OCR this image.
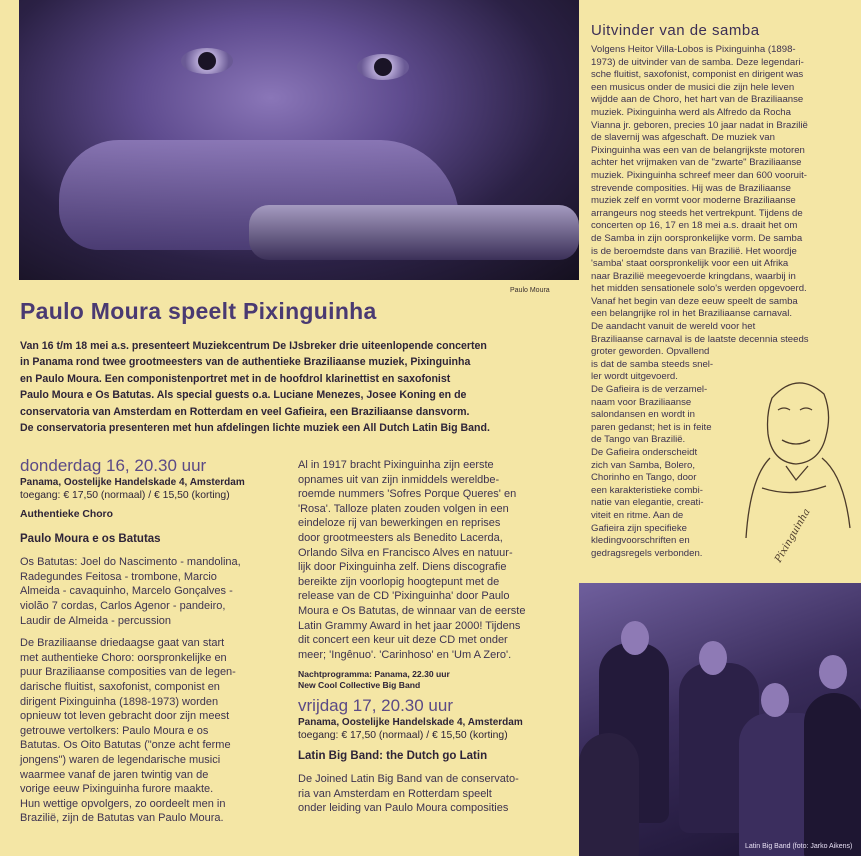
Paulo Moura
Paulo Moura speelt Pixinguinha
Van 16 t/m 18 mei a.s. presenteert Muziekcentrum De IJsbreker drie uiteenlopende concerten
in Panama rond twee grootmeesters van de authentieke Braziliaanse muziek, Pixinguinha
en Paulo Moura. Een componistenportret met in de hoofdrol klarinettist en saxofonist
Paulo Moura e Os Batutas. Als special guests o.a. Luciane Menezes, Josee Koning en de
conservatoria van Amsterdam en Rotterdam en veel Gafieira, een Braziliaanse dansvorm.
De conservatoria presenteren met hun afdelingen lichte muziek een All Dutch Latin Big Band.
donderdag 16, 20.30 uur
Panama, Oostelijke Handelskade 4, Amsterdam
toegang: € 17,50 (normaal) / € 15,50 (korting)
Authentieke Choro
Paulo Moura e os Batutas
Os Batutas: Joel do Nascimento - mandolina,
Radegundes Feitosa - trombone, Marcio
Almeida - cavaquinho, Marcelo Gonçalves -
violão 7 cordas, Carlos Agenor - pandeiro,
Laudir de Almeida - percussion
De Braziliaanse driedaagse gaat van start
met authentieke Choro: oorspronkelijke en
puur Braziliaanse composities van de legen-
darische fluitist, saxofonist, componist en
dirigent Pixinguinha (1898-1973) worden
opnieuw tot leven gebracht door zijn meest
getrouwe vertolkers: Paulo Moura e os
Batutas. Os Oito Batutas ("onze acht ferme
jongens") waren de legendarische musici
waarmee vanaf de jaren twintig van de
vorige eeuw Pixinguinha furore maakte.
Hun wettige opvolgers, zo oordeelt men in
Brazilië, zijn de Batutas van Paulo Moura.
Al in 1917 bracht Pixinguinha zijn eerste
opnames uit van zijn inmiddels wereldbe-
roemde nummers 'Sofres Porque Queres' en
'Rosa'. Talloze platen zouden volgen in een
eindeloze rij van bewerkingen en reprises
door grootmeesters als Benedito Lacerda,
Orlando Silva en Francisco Alves en natuur-
lijk door Pixinguinha zelf. Diens discografie
bereikte zijn voorlopig hoogtepunt met de
release van de CD 'Pixinguinha' door Paulo
Moura e Os Batutas, de winnaar van de eerste
Latin Grammy Award in het jaar 2000! Tijdens
dit concert een keur uit deze CD met onder
meer; 'Ingênuo'. 'Carinhoso' en 'Um A Zero'.
Nachtprogramma: Panama, 22.30 uur
New Cool Collective Big Band
vrijdag 17, 20.30 uur
Panama, Oostelijke Handelskade 4, Amsterdam
toegang: € 17,50 (normaal) / € 15,50 (korting)
Latin Big Band: the Dutch go Latin
De Joined Latin Big Band van de conservato-
ria van Amsterdam en Rotterdam speelt
onder leiding van Paulo Moura composities
Uitvinder van de samba
Volgens Heitor Villa-Lobos is Pixinguinha (1898-
1973) de uitvinder van de samba. Deze legendari-
sche fluitist, saxofonist, componist en dirigent was
een musicus onder de musici die zijn hele leven
wijdde aan de Choro, het hart van de Braziliaanse
muziek. Pixinguinha werd als Alfredo da Rocha
Vianna jr. geboren, precies 10 jaar nadat in Brazilië
de slavernij was afgeschaft. De muziek van
Pixinguinha was een van de belangrijkste motoren
achter het vrijmaken van de "zwarte" Braziliaanse
muziek. Pixinguinha schreef meer dan 600 vooruit-
strevende composities. Hij was de Braziliaanse
muziek zelf en vormt voor moderne Braziliaanse
arrangeurs nog steeds het vertrekpunt. Tijdens de
concerten op 16, 17 en 18 mei a.s. draait het om
de Samba in zijn oorspronkelijke vorm. De samba
is de beroemdste dans van Brazilië. Het woordje
'samba' staat oorspronkelijk voor een uit Afrika
naar Brazilië meegevoerde kringdans, waarbij in
het midden sensationele solo's werden opgevoerd.
Vanaf het begin van deze eeuw speelt de samba
een belangrijke rol in het Braziliaanse carnaval.
De aandacht vanuit de wereld voor het
Braziliaanse carnaval is de laatste decennia steeds
groter geworden. Opvallend
is dat de samba steeds snel-
ler wordt uitgevoerd.
De Gafieira is de verzamel-
naam voor Braziliaanse
salondansen en wordt in
paren gedanst; het is in feite
de Tango van Brazilië.
De Gafieira onderscheidt
zich van Samba, Bolero,
Chorinho en Tango, door
een karakteristieke combi-
natie van elegantie, creati-
viteit en ritme. Aan de
Gafieira zijn specifieke
kledingvoorschriften en
gedragsregels verbonden.	Pixinguinha
Latin Big Band (foto: Jarko Aikens)
